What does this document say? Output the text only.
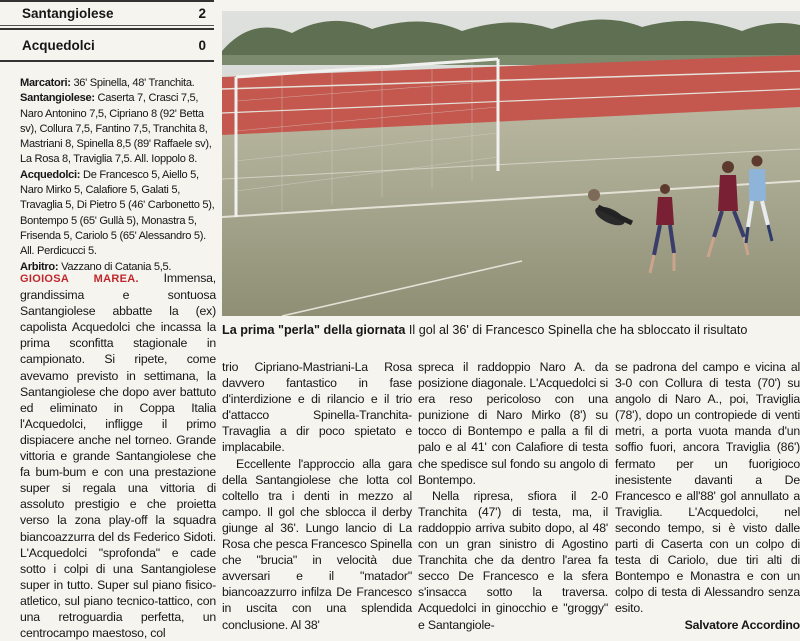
Santangiolese	2
Acquedolci	0

Marcatori: 36' Spinella, 48' Tranchita.

Santangiolese: Caserta 7, Crasci 7,5, Naro Antonino 7,5, Cipriano 8 (92' Betta sv), Collura 7,5, Fantino 7,5, Tranchita 8, Mastriani 8, Spinella 8,5 (89' Raffaele sv), La Rosa 8, Traviglia 7,5. All. Ioppolo 8.

Acquedolci: De Francesco 5, Aiello 5, Naro Mirko 5, Calafiore 5, Galati 5, Travaglia 5, Di Pietro 5 (46' Carbonetto 5), Bontempo 5 (65' Gullà 5), Monastra 5, Frisenda 5, Cariolo 5 (65' Alessandro 5). All. Perdicucci 5.

Arbitro: Vazzano di Catania 5,5.

La prima "perla" della giornata Il gol al 36' di Francesco Spinella che ha sbloccato il risultato

GIOIOSA MAREA. Immensa, grandissima e sontuosa Santangiolese abbatte la (ex) capolista Acquedolci che incassa la prima sconfitta stagionale in campionato. Si ripete, come avevamo previsto in settimana, la Santangiolese che dopo aver battuto ed eliminato in Coppa Italia l'Acquedolci, infligge il primo dispiacere anche nel torneo. Grande vittoria e grande Santangiolese che fa bum-bum e con una prestazione super si regala una vittoria di assoluto prestigio e che proietta verso la zona play-off la squadra biancoazzurra del ds Federico Sidoti. L'Acquedolci "sprofonda" e cade sotto i colpi di una Santangiolese super in tutto. Super sul piano fisico-atletico, sul piano tecnico-tattico, con una retroguardia perfetta, un centrocampo maestoso, col

trio Cipriano-Mastriani-La Rosa davvero fantastico in fase d'interdizione e di rilancio e il trio d'attacco Spinella-Tranchita-Travaglia a dir poco spietato e implacabile.

Eccellente l'approccio alla gara della Santangiolese che lotta col coltello tra i denti in mezzo al campo. Il gol che sblocca il derby giunge al 36'. Lungo lancio di La Rosa che pesca Francesco Spinella che "brucia" in velocità due avversari e il "matador" biancoazzurro infilza De Francesco in uscita con una splendida conclusione. Al 38'

spreca il raddoppio Naro A. da posizione diagonale. L'Acquedolci si era reso pericoloso con una punizione di Naro Mirko (8') su tocco di Bontempo e palla a fil di palo e al 41' con Calafiore di testa che spedisce sul fondo su angolo di Bontempo.

Nella ripresa, sfiora il 2-0 Tranchita (47') di testa, ma, il raddoppio arriva subito dopo, al 48' con un gran sinistro di Agostino Tranchita che da dentro l'area fa secco De Francesco e la sfera s'insacca sotto la traversa. Acquedolci in ginocchio e "groggy" e Santangiole-

se padrona del campo e vicina al 3-0 con Collura di testa (70') su angolo di Naro A., poi, Traviglia (78'), dopo un contropiede di venti metri, a porta vuota manda d'un soffio fuori, ancora Traviglia (86') fermato per un fuorigioco inesistente davanti a De Francesco e all'88' gol annullato a Traviglia. L'Acquedolci, nel secondo tempo, si è visto dalle parti di Caserta con un colpo di testa di Cariolo, due tiri alti di Bontempo e Monastra e con un colpo di testa di Alessandro senza esito.

Salvatore Accordino
